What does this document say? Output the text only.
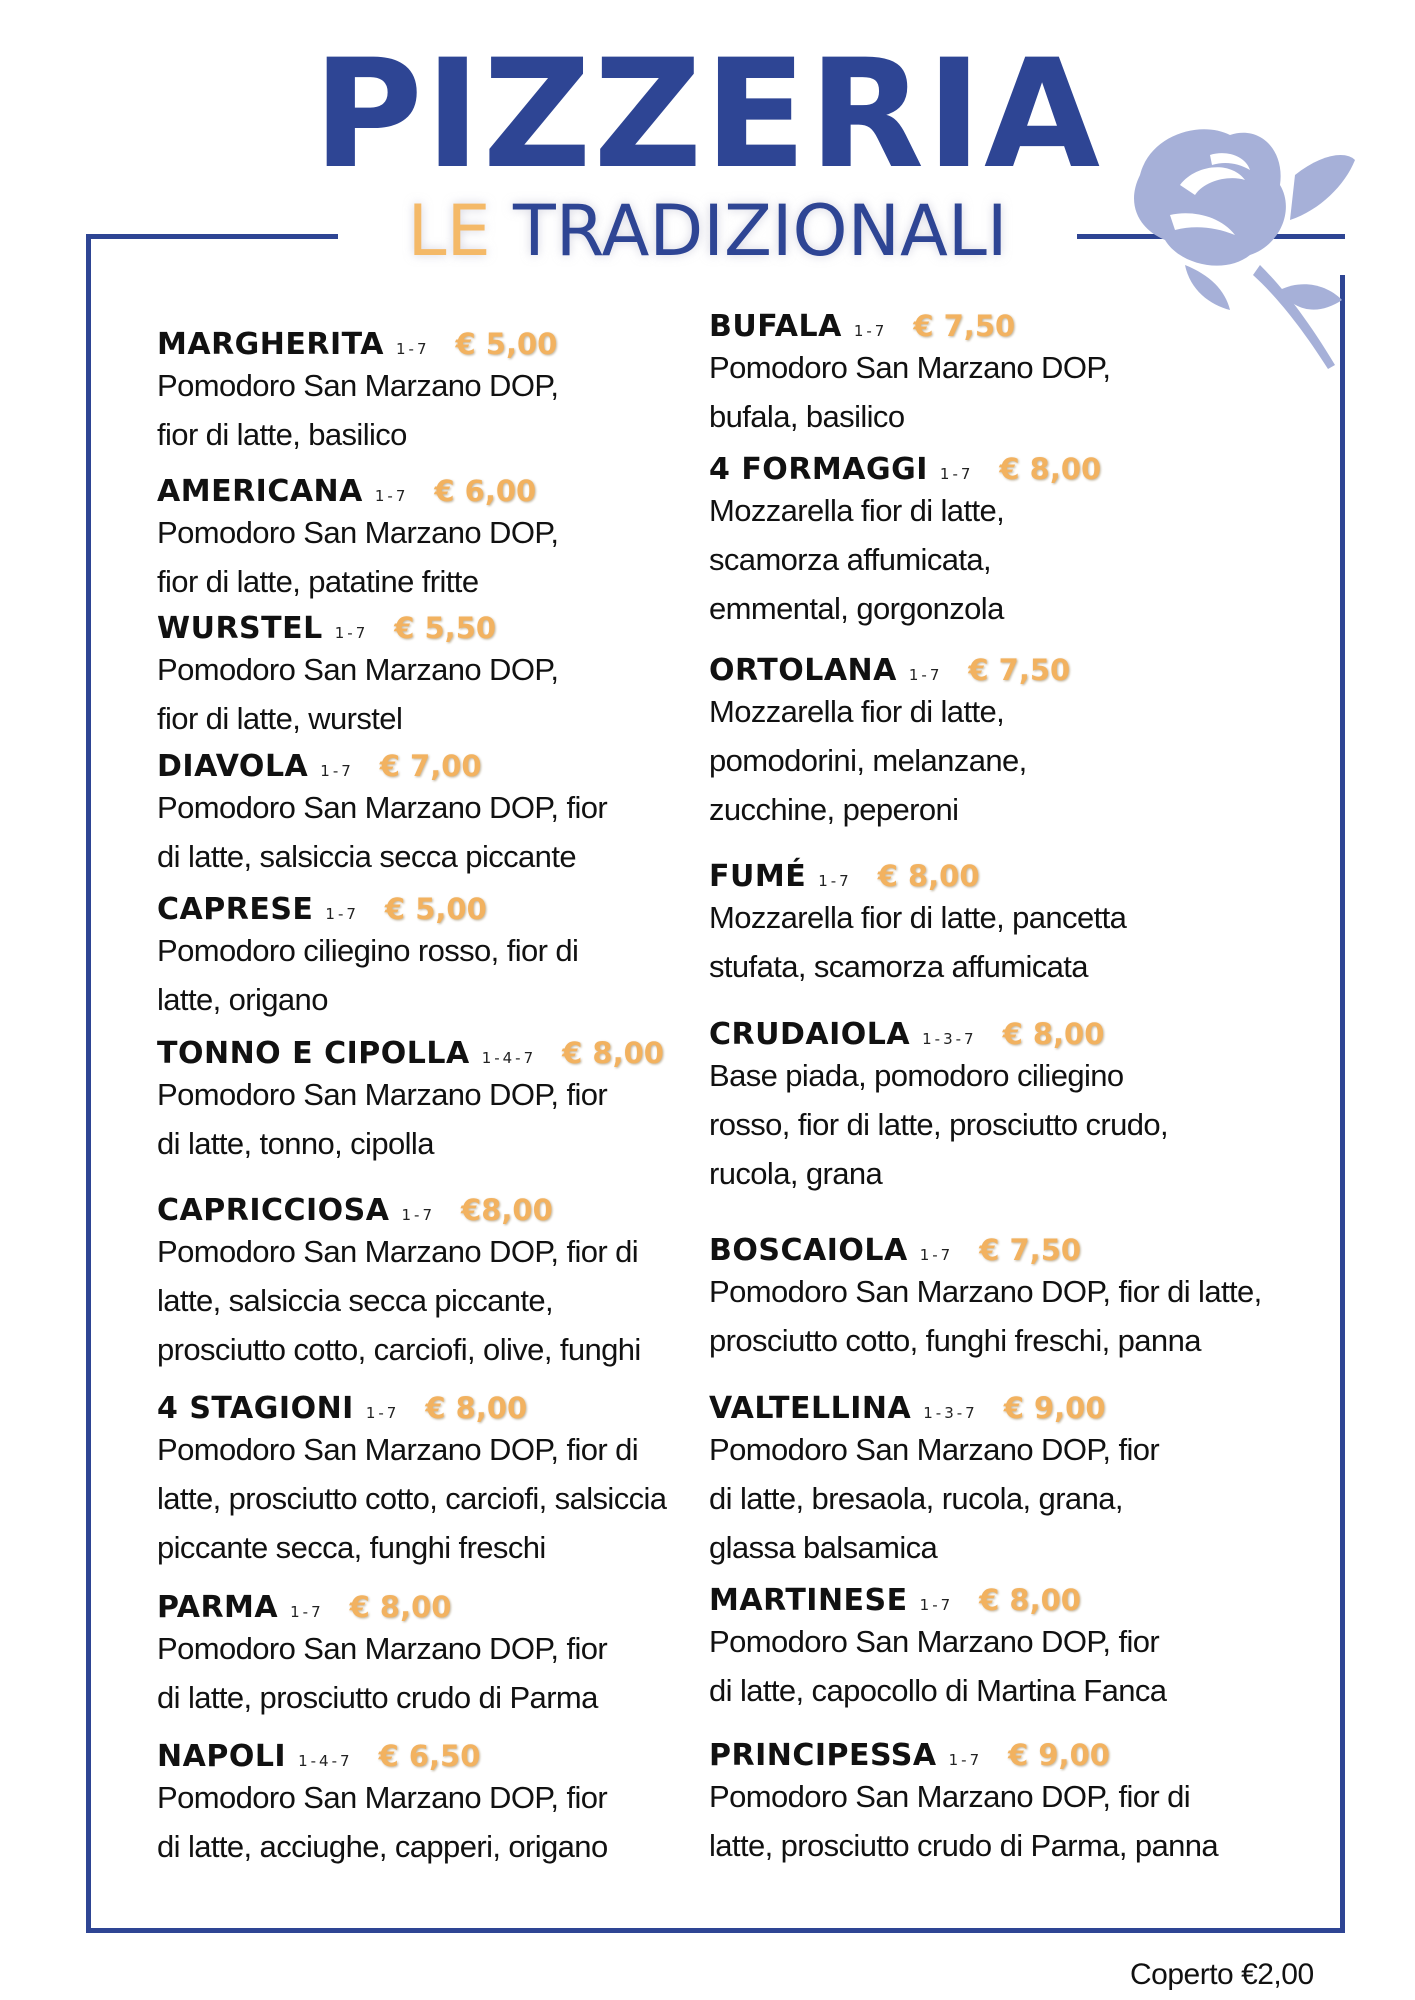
PIZZERIA
LE TRADIZIONALI
MARGHERITA 1-7 € 5,00
Pomodoro San Marzano DOP,
fior di latte, basilico
AMERICANA 1-7 € 6,00
Pomodoro San Marzano DOP,
fior di latte, patatine fritte
WURSTEL 1-7 € 5,50
Pomodoro San Marzano DOP,
fior di latte, wurstel
DIAVOLA 1-7 € 7,00
Pomodoro San Marzano DOP, fior
di latte, salsiccia secca piccante
CAPRESE 1-7 € 5,00
Pomodoro ciliegino rosso, fior di
latte, origano
TONNO E CIPOLLA 1-4-7 € 8,00
Pomodoro San Marzano DOP, fior
di latte, tonno, cipolla
CAPRICCIOSA 1-7 €8,00
Pomodoro San Marzano DOP, fior di
latte, salsiccia secca piccante,
prosciutto cotto, carciofi, olive, funghi
4 STAGIONI 1-7 € 8,00
Pomodoro San Marzano DOP, fior di
latte, prosciutto cotto, carciofi, salsiccia
piccante secca, funghi freschi
PARMA 1-7 € 8,00
Pomodoro San Marzano DOP, fior
di latte, prosciutto crudo di Parma
NAPOLI 1-4-7 € 6,50
Pomodoro San Marzano DOP, fior
di latte, acciughe, capperi, origano
BUFALA 1-7 € 7,50
Pomodoro San Marzano DOP,
bufala, basilico
4 FORMAGGI 1-7 € 8,00
Mozzarella fior di latte,
scamorza affumicata,
emmental, gorgonzola
ORTOLANA 1-7 € 7,50
Mozzarella fior di latte,
pomodorini, melanzane,
zucchine, peperoni
FUMÉ 1-7 € 8,00
Mozzarella fior di latte, pancetta
stufata, scamorza affumicata
CRUDAIOLA 1-3-7 € 8,00
Base piada, pomodoro ciliegino
rosso, fior di latte, prosciutto crudo,
rucola, grana
BOSCAIOLA 1-7 € 7,50
Pomodoro San Marzano DOP, fior di latte,
prosciutto cotto, funghi freschi, panna
VALTELLINA 1-3-7 € 9,00
Pomodoro San Marzano DOP, fior
di latte, bresaola, rucola, grana,
glassa balsamica
MARTINESE 1-7 € 8,00
Pomodoro San Marzano DOP, fior
di latte, capocollo di Martina Fanca
PRINCIPESSA 1-7 € 9,00
Pomodoro San Marzano DOP, fior di
latte, prosciutto crudo di Parma, panna
Coperto €2,00
